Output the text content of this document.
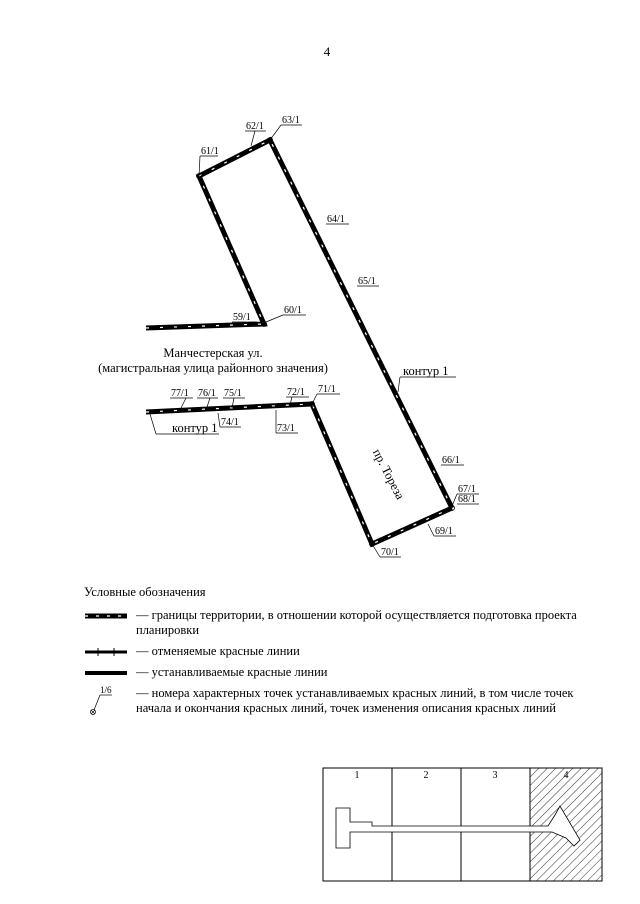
4
61/1
62/1
63/1
64/1
65/1
59/1
60/1
66/1
67/1
68/1
69/1
70/1
77/1 76/1 75/1	72/1 71/1
74/1
73/1
Манчестерская ул.
(магистральная улица районного значения)	контур 1
контур 1
пр. Тореза
1	2	3	4
Условные обозначения
— границы территории, в отношении которой осуществляется подготовка проекта планировки
— отменяемые красные линии
— устанавливаемые красные линии
1/6 — номера характерных точек устанавливаемых красных линий, в том числе точек начала и окончания красных линий, точек изменения описания красных линий
